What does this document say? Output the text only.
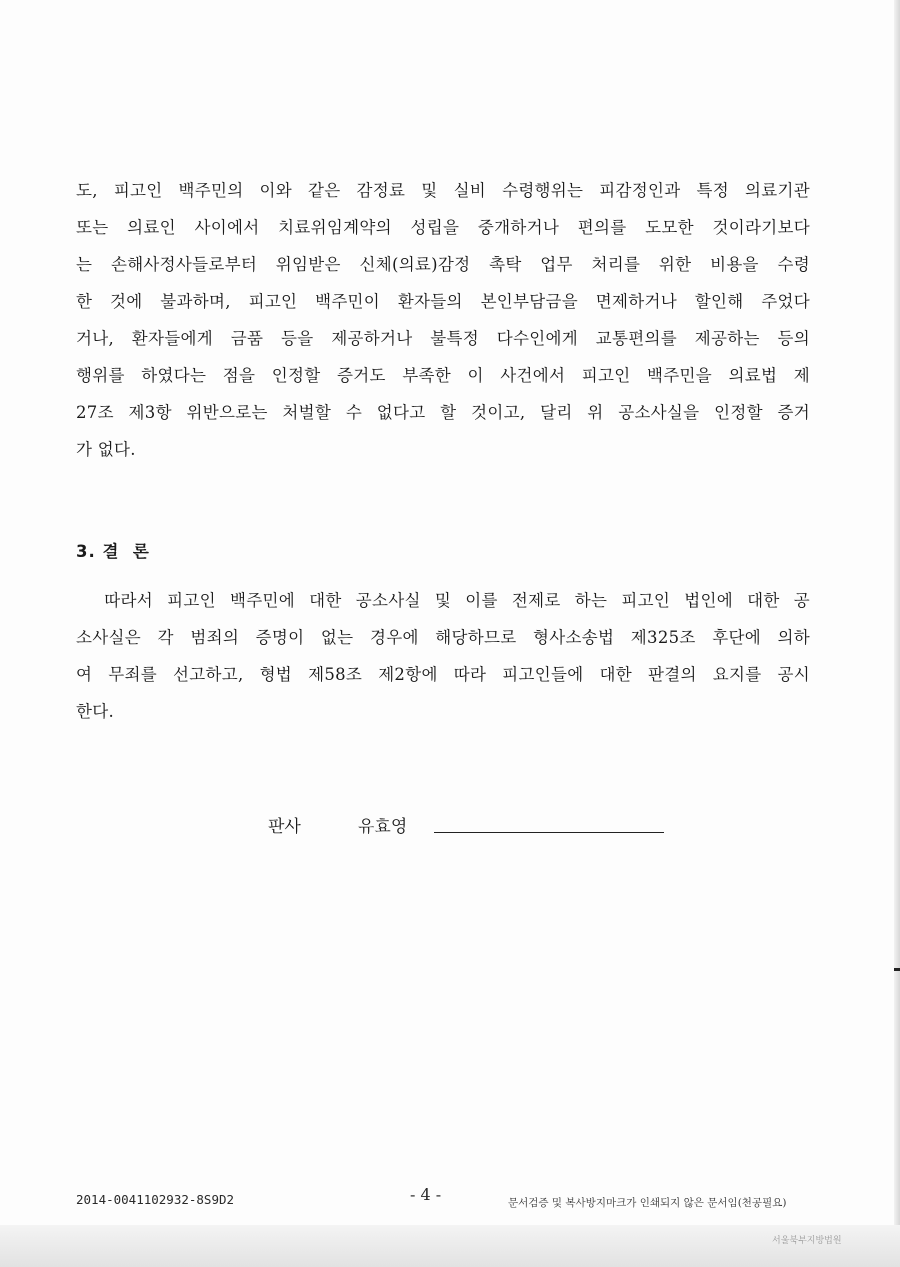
도, 피고인 백주민의 이와 같은 감정료 및 실비 수령행위는 피감정인과 특정 의료기관
또는 의료인 사이에서 치료위임계약의 성립을 중개하거나 편의를 도모한 것이라기보다
는 손해사정사들로부터 위임받은 신체(의료)감정 촉탁 업무 처리를 위한 비용을 수령
한 것에 불과하며, 피고인 백주민이 환자들의 본인부담금을 면제하거나 할인해 주었다
거나, 환자들에게 금품 등을 제공하거나 불특정 다수인에게 교통편의를 제공하는 등의
행위를 하였다는 점을 인정할 증거도 부족한 이 사건에서 피고인 백주민을 의료법 제
27조 제3항 위반으로는 처벌할 수 없다고 할 것이고, 달리 위 공소사실을 인정할 증거
가 없다.
3. 결  론
따라서 피고인 백주민에 대한 공소사실 및 이를 전제로 하는 피고인 법인에 대한 공
소사실은 각 범죄의 증명이 없는 경우에 해당하므로 형사소송법 제325조 후단에 의하
여 무죄를 선고하고, 형법 제58조 제2항에 따라 피고인들에 대한 판결의 요지를 공시
한다.
판사	유효영
2014-0041102932-8S9D2	- 4 -	문서검증 및 복사방지마크가 인쇄되지 않은 문서임(천공필요)
서울북부지방법원
